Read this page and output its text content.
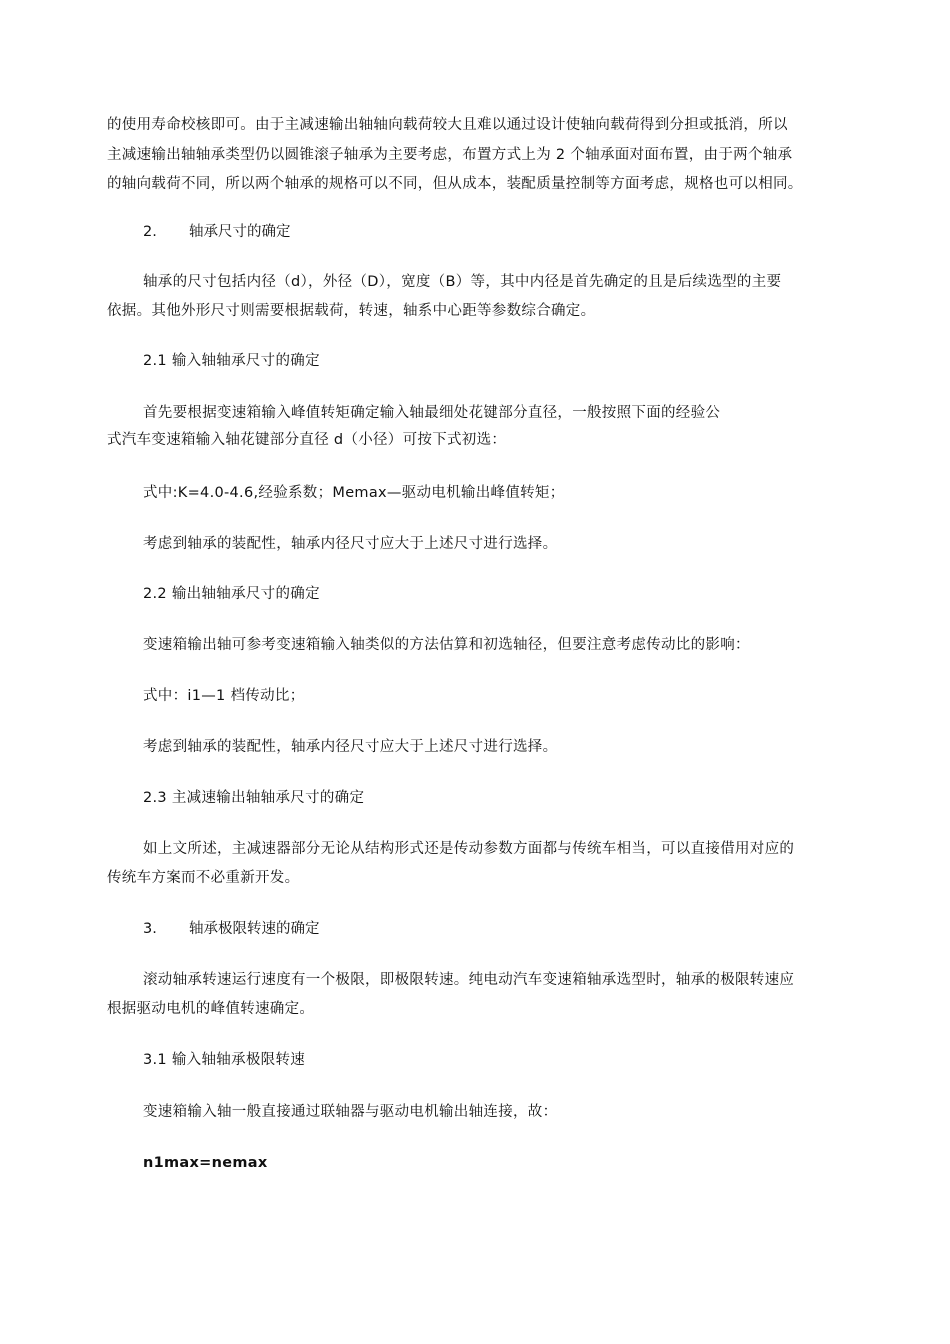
的使用寿命校核即可。由于主减速输出轴轴向载荷较大且难以通过设计使轴向载荷得到分担或抵消，所以
主减速输出轴轴承类型仍以圆锥滚子轴承为主要考虑，布置方式上为 2 个轴承面对面布置，由于两个轴承
的轴向载荷不同，所以两个轴承的规格可以不同，但从成本，装配质量控制等方面考虑，规格也可以相同。
2. 轴承尺寸的确定
轴承的尺寸包括内径（d），外径（D），宽度（B）等，其中内径是首先确定的且是后续选型的主要
依据。其他外形尺寸则需要根据载荷，转速，轴系中心距等参数综合确定。
2.1 输入轴轴承尺寸的确定
首先要根据变速箱输入峰值转矩确定输入轴最细处花键部分直径，一般按照下面的经验公
式汽车变速箱输入轴花键部分直径 d（小径）可按下式初选：
式中:K=4.0-4.6,经验系数；Memax—驱动电机输出峰值转矩；
考虑到轴承的装配性，轴承内径尺寸应大于上述尺寸进行选择。
2.2 输出轴轴承尺寸的确定
变速箱输出轴可参考变速箱输入轴类似的方法估算和初选轴径，但要注意考虑传动比的影响：
式中：i1—1 档传动比；
考虑到轴承的装配性，轴承内径尺寸应大于上述尺寸进行选择。
2.3 主减速输出轴轴承尺寸的确定
如上文所述，主减速器部分无论从结构形式还是传动参数方面都与传统车相当，可以直接借用对应的
传统车方案而不必重新开发。
3. 轴承极限转速的确定
滚动轴承转速运行速度有一个极限，即极限转速。纯电动汽车变速箱轴承选型时，轴承的极限转速应
根据驱动电机的峰值转速确定。
3.1 输入轴轴承极限转速
变速箱输入轴一般直接通过联轴器与驱动电机输出轴连接，故：
n1max=nemax
